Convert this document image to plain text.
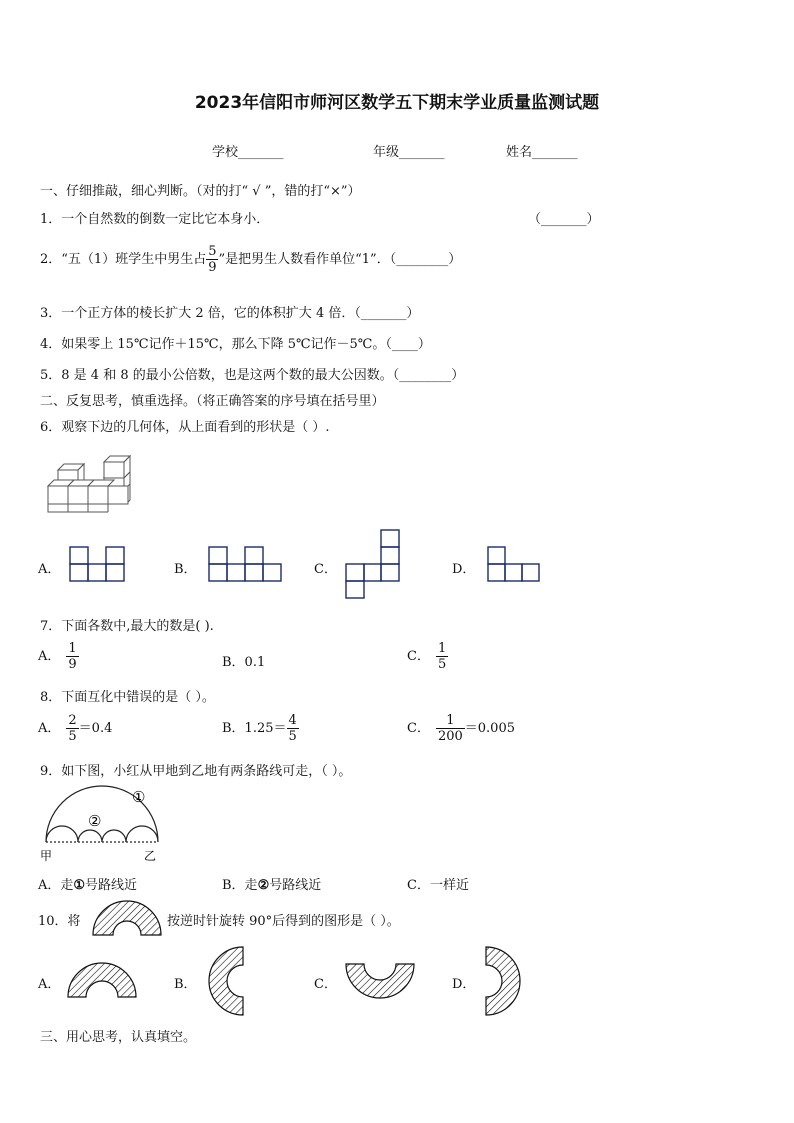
2023年信阳市师河区数学五下期末学业质量监测试题
学校_______	年级_______	姓名_______
一、仔细推敲，细心判断。（对的打“ √ ”，错的打“×”）
1．一个自然数的倒数一定比它本身小．	（_______）
2．“五（1）班学生中男生占 $\frac{5}{9}$ ”是把男生人数看作单位“1”．（________）
3．一个正方体的棱长扩大 2 倍，它的体积扩大 4 倍．（_______）
4．如果零上 15℃记作＋15℃，那么下降 5℃记作－5℃。（____）
5．8 是 4 和 8 的最小公倍数，也是这两个数的最大公因数。（________）
二、反复思考，慎重选择。（将正确答案的序号填在括号里）
6．观察下边的几何体，从上面看到的形状是（ ）.
A．	B．	C．	D．
7．下面各数中,最大的数是( ).
A． $\frac{1}{9}$	B．0.1	C． $\frac{1}{5}$
8．下面互化中错误的是（ ）。
A． $\frac{2}{5} =0.4$	B．$1.25= \frac{4}{5}$	C． $\frac{1}{200} =0.005$
9．如下图，小红从甲地到乙地有两条路线可走，（ ）。
①
②
甲	乙
A．走①号路线近	B．走②号路线近	C．一样近
10．将	按逆时针旋转 90°后得到的图形是（ ）。
A．	B．	C．	D．
三、用心思考，认真填空。
